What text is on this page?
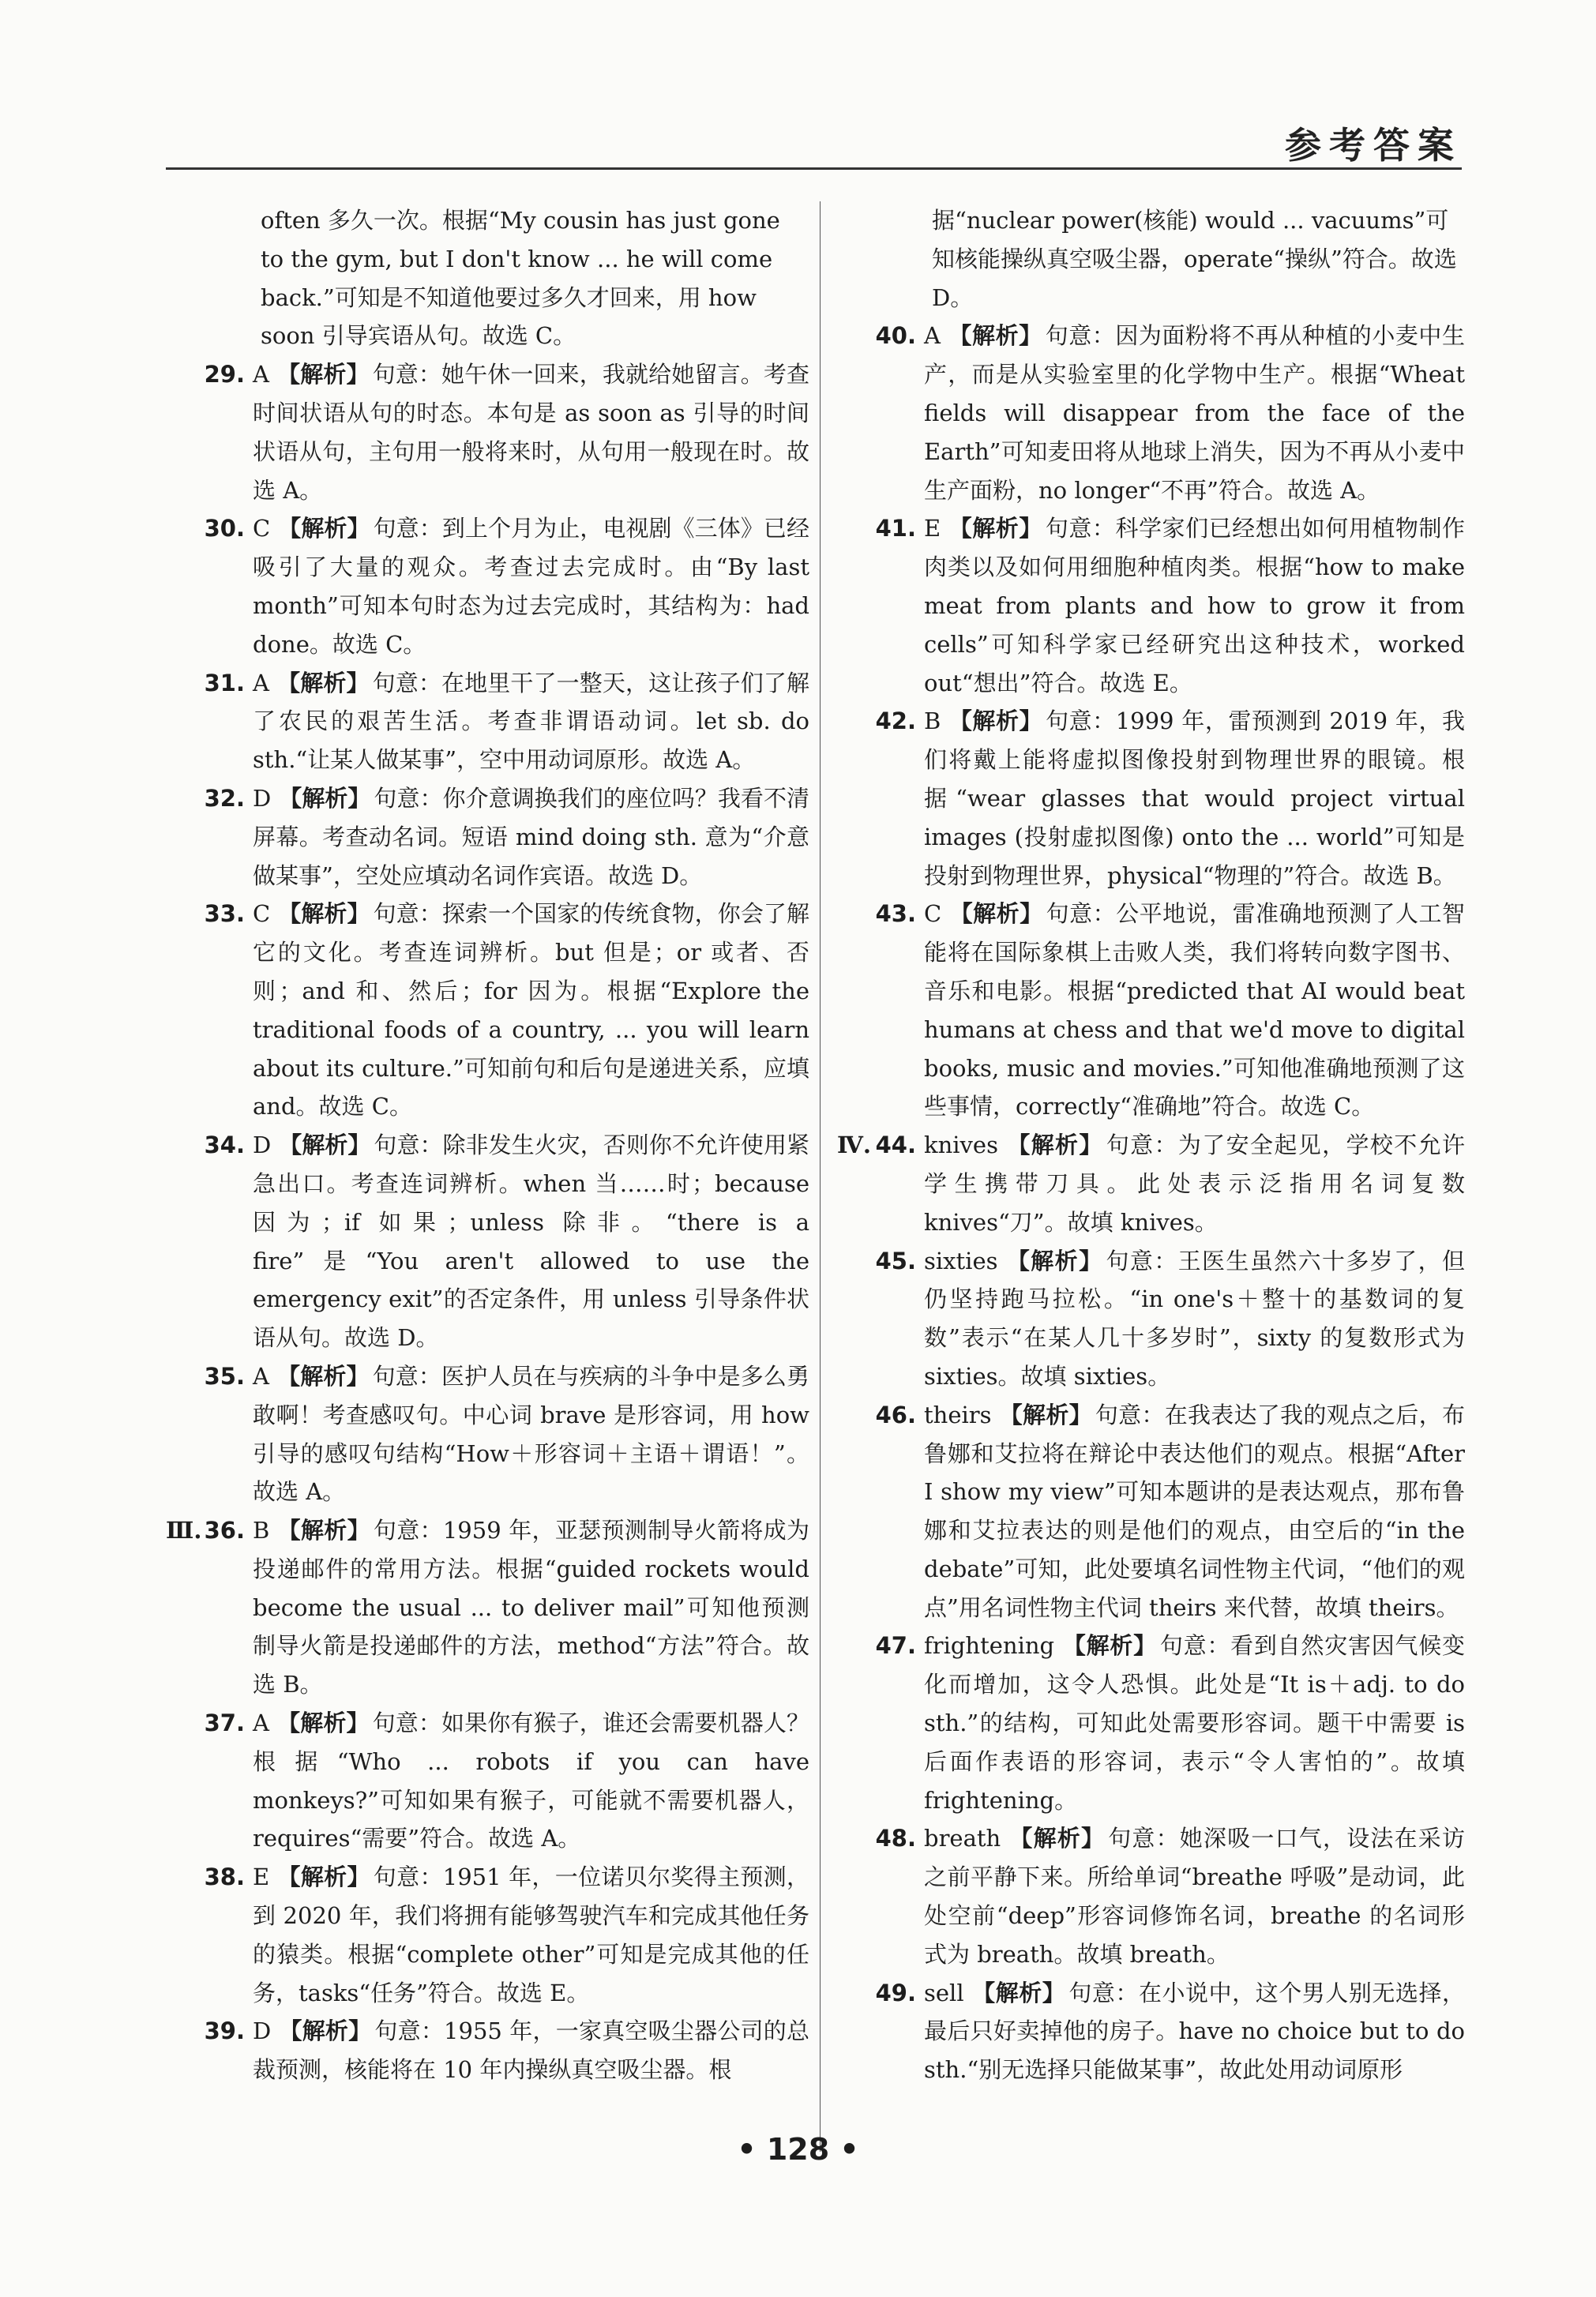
参考答案
often 多久一次。根据“My cousin has just gone to the gym, but I don't know ... he will come back.”可知是不知道他要过多久才回来，用 how soon 引导宾语从句。故选 C。
29. A 【解析】 句意：她午休一回来，我就给她留言。考查时间状语从句的时态。本句是 as soon as 引导的时间状语从句，主句用一般将来时，从句用一般现在时。故选 A。
30. C 【解析】 句意：到上个月为止，电视剧《三体》已经吸引了大量的观众。考查过去完成时。由“By last month”可知本句时态为过去完成时，其结构为：had done。故选 C。
31. A 【解析】 句意：在地里干了一整天，这让孩子们了解了农民的艰苦生活。考查非谓语动词。let sb. do sth.“让某人做某事”，空中用动词原形。故选 A。
32. D 【解析】 句意：你介意调换我们的座位吗？我看不清屏幕。考查动名词。短语 mind doing sth. 意为“介意做某事”，空处应填动名词作宾语。故选 D。
33. C 【解析】 句意：探索一个国家的传统食物，你会了解它的文化。考查连词辨析。but 但是；or 或者、否则；and 和、然后；for 因为。根据“Explore the traditional foods of a country, ... you will learn about its culture.”可知前句和后句是递进关系，应填 and。故选 C。
34. D 【解析】 句意：除非发生火灾，否则你不允许使用紧急出口。考查连词辨析。when 当……时；because 因为；if 如果；unless 除非。“there is a fire”是“You aren't allowed to use the emergency exit”的否定条件，用 unless 引导条件状语从句。故选 D。
35. A 【解析】 句意：医护人员在与疾病的斗争中是多么勇敢啊！考查感叹句。中心词 brave 是形容词，用 how 引导的感叹句结构“How＋形容词＋主语＋谓语！”。故选 A。
Ⅲ. 36. B 【解析】 句意：1959 年，亚瑟预测制导火箭将成为投递邮件的常用方法。根据“guided rockets would become the usual ... to deliver mail”可知他预测制导火箭是投递邮件的方法，method“方法”符合。故选 B。
37. A 【解析】 句意：如果你有猴子，谁还会需要机器人？根据“Who ... robots if you can have monkeys?”可知如果有猴子，可能就不需要机器人，requires“需要”符合。故选 A。
38. E 【解析】 句意：1951 年，一位诺贝尔奖得主预测，到 2020 年，我们将拥有能够驾驶汽车和完成其他任务的猿类。根据“complete other”可知是完成其他的任务，tasks“任务”符合。故选 E。
39. D 【解析】 句意：1955 年，一家真空吸尘器公司的总裁预测，核能将在 10 年内操纵真空吸尘器。根
据“nuclear power(核能) would ... vacuums”可知核能操纵真空吸尘器，operate“操纵”符合。故选 D。
40. A 【解析】 句意：因为面粉将不再从种植的小麦中生产，而是从实验室里的化学物中生产。根据“Wheat fields will disappear from the face of the Earth”可知麦田将从地球上消失，因为不再从小麦中生产面粉，no longer“不再”符合。故选 A。
41. E 【解析】 句意：科学家们已经想出如何用植物制作肉类以及如何用细胞种植肉类。根据“how to make meat from plants and how to grow it from cells”可知科学家已经研究出这种技术，worked out“想出”符合。故选 E。
42. B 【解析】 句意：1999 年，雷预测到 2019 年，我们将戴上能将虚拟图像投射到物理世界的眼镜。根据“wear glasses that would project virtual images (投射虚拟图像) onto the ... world”可知是投射到物理世界，physical“物理的”符合。故选 B。
43. C 【解析】 句意：公平地说，雷准确地预测了人工智能将在国际象棋上击败人类，我们将转向数字图书、音乐和电影。根据“predicted that AI would beat humans at chess and that we'd move to digital books, music and movies.”可知他准确地预测了这些事情，correctly“准确地”符合。故选 C。
Ⅳ. 44. knives 【解析】 句意：为了安全起见，学校不允许学生携带刀具。此处表示泛指用名词复数 knives“刀”。故填 knives。
45. sixties 【解析】 句意：王医生虽然六十多岁了，但仍坚持跑马拉松。“in one's＋整十的基数词的复数”表示“在某人几十多岁时”，sixty 的复数形式为 sixties。故填 sixties。
46. theirs 【解析】 句意：在我表达了我的观点之后，布鲁娜和艾拉将在辩论中表达他们的观点。根据“After I show my view”可知本题讲的是表达观点，那布鲁娜和艾拉表达的则是他们的观点，由空后的“in the debate”可知，此处要填名词性物主代词，“他们的观点”用名词性物主代词 theirs 来代替，故填 theirs。
47. frightening 【解析】 句意：看到自然灾害因气候变化而增加，这令人恐惧。此处是“It is＋adj. to do sth.”的结构，可知此处需要形容词。题干中需要 is 后面作表语的形容词，表示“令人害怕的”。故填 frightening。
48. breath 【解析】 句意：她深吸一口气，设法在采访之前平静下来。所给单词“breathe 呼吸”是动词，此处空前“deep”形容词修饰名词，breathe 的名词形式为 breath。故填 breath。
49. sell 【解析】 句意：在小说中，这个男人别无选择，最后只好卖掉他的房子。have no choice but to do sth.“别无选择只能做某事”，故此处用动词原形
• 128 •
